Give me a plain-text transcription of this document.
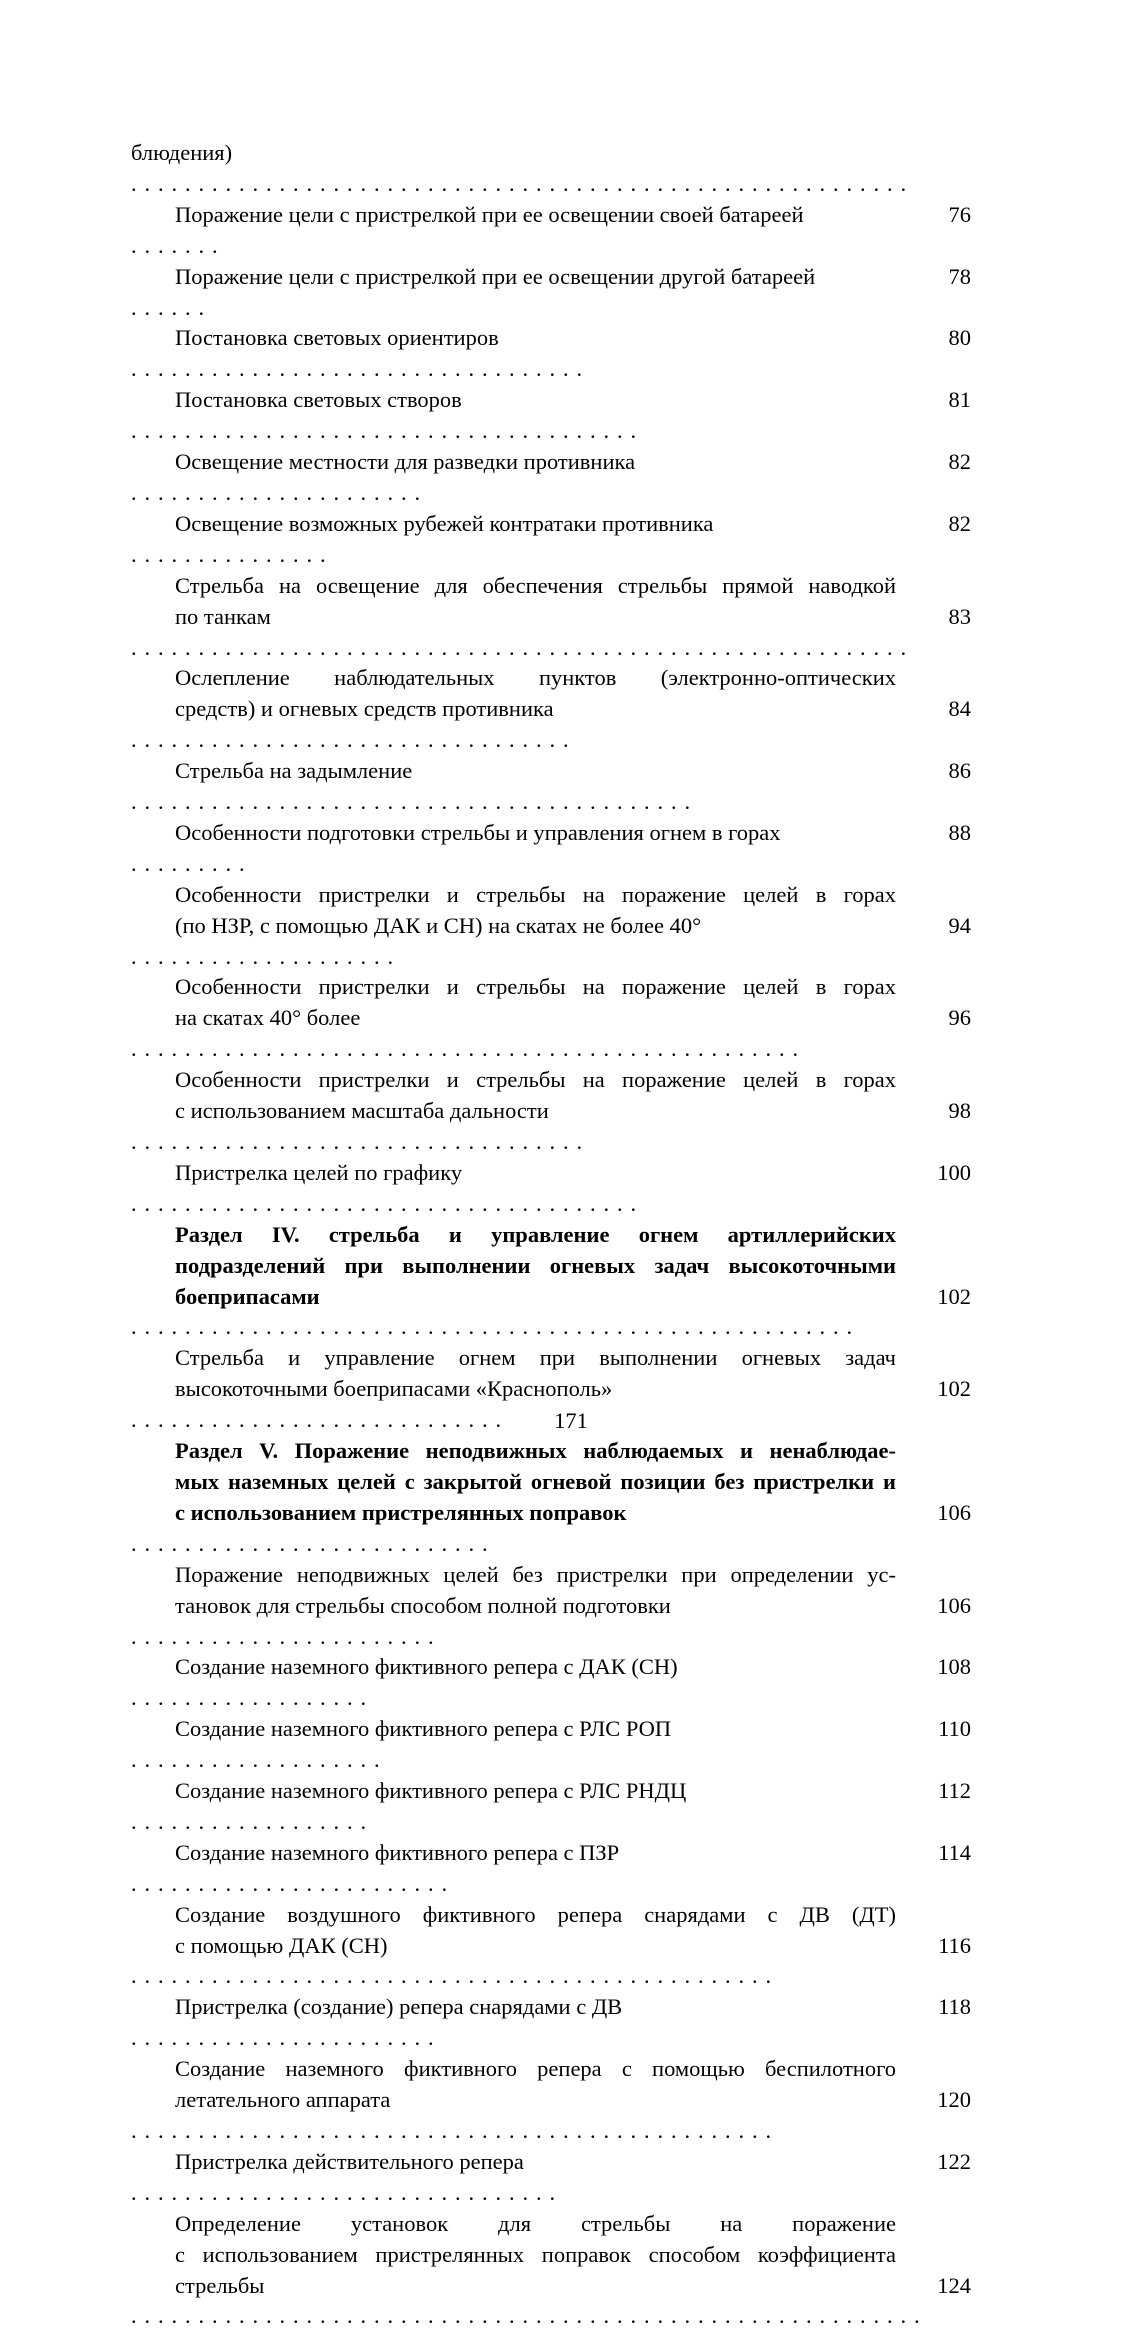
блюдения) . . . . . . . . . . . . . . . . . . . . . . . . . . . . . . . . . . . . . . . . . . . . . . . . . . . . . . . . . .
Поражение цели с пристрелкой при ее освещении своей батареей . . . . . . .
76
Поражение цели с пристрелкой при ее освещении другой батареей . . . . . .
78
Постановка световых ориентиров . . . . . . . . . . . . . . . . . . . . . . . . . . . . . . . . . .
80
Постановка световых створов . . . . . . . . . . . . . . . . . . . . . . . . . . . . . . . . . . . . . .
81
Освещение местности для разведки противника . . . . . . . . . . . . . . . . . . . . . .
82
Освещение возможных рубежей контратаки противника . . . . . . . . . . . . . . .
82
Стрельба на освещение для обеспечения стрельбы прямой наводкой
по танкам . . . . . . . . . . . . . . . . . . . . . . . . . . . . . . . . . . . . . . . . . . . . . . . . . . . . . . . . . .
83
Ослепление наблюдательных пунктов (электронно-оптических
средств) и огневых средств противника . . . . . . . . . . . . . . . . . . . . . . . . . . . . . . . . .
84
Стрельба на задымление . . . . . . . . . . . . . . . . . . . . . . . . . . . . . . . . . . . . . . . . . .
86
Особенности подготовки стрельбы и управления огнем в горах . . . . . . . . .
88
Особенности пристрелки и стрельбы на поражение целей в горах
(по НЗР, с помощью ДАК и СН) на скатах не более 40° . . . . . . . . . . . . . . . . . . . .
94
Особенности пристрелки и стрельбы на поражение целей в горах
на скатах 40° более . . . . . . . . . . . . . . . . . . . . . . . . . . . . . . . . . . . . . . . . . . . . . . . . . .
96
Особенности пристрелки и стрельбы на поражение целей в горах
с использованием масштаба дальности . . . . . . . . . . . . . . . . . . . . . . . . . . . . . . . . . .
98
Пристрелка целей по графику . . . . . . . . . . . . . . . . . . . . . . . . . . . . . . . . . . . . . .
100
Раздел IV. стрельба и управление огнем артиллерийских
подразделений при выполнении огневых задач высокоточными
боеприпасами . . . . . . . . . . . . . . . . . . . . . . . . . . . . . . . . . . . . . . . . . . . . . . . . . . . . . .
102
Стрельба и управление огнем при выполнении огневых задач
высокоточными боеприпасами «Краснополь» . . . . . . . . . . . . . . . . . . . . . . . . . . . .
102
Раздел V. Поражение неподвижных наблюдаемых и ненаблюдае-
мых наземных целей с закрытой огневой позиции без пристрелки и
с использованием пристрелянных поправок . . . . . . . . . . . . . . . . . . . . . . . . . . .
106
Поражение неподвижных целей без пристрелки при определении ус-
тановок для стрельбы способом полной подготовки . . . . . . . . . . . . . . . . . . . . . . .
106
Создание наземного фиктивного репера с ДАК (СН) . . . . . . . . . . . . . . . . . .
108
Создание наземного фиктивного репера с РЛС РОП . . . . . . . . . . . . . . . . . . .
110
Создание наземного фиктивного репера с РЛС РНДЦ . . . . . . . . . . . . . . . . . .
112
Создание наземного фиктивного репера с ПЗР . . . . . . . . . . . . . . . . . . . . . . . .
114
Создание воздушного фиктивного репера снарядами с ДВ (ДТ)
с помощью ДАК (СН) . . . . . . . . . . . . . . . . . . . . . . . . . . . . . . . . . . . . . . . . . . . . . . . .
116
Пристрелка (создание) репера снарядами с ДВ . . . . . . . . . . . . . . . . . . . . . . .
118
Создание наземного фиктивного репера с помощью беспилотного
летательного аппарата . . . . . . . . . . . . . . . . . . . . . . . . . . . . . . . . . . . . . . . . . . . . . . . .
120
Пристрелка действительного репера . . . . . . . . . . . . . . . . . . . . . . . . . . . . . . . .
122
Определение установок для стрельбы на поражение
с использованием пристрелянных поправок способом коэффициента
стрельбы . . . . . . . . . . . . . . . . . . . . . . . . . . . . . . . . . . . . . . . . . . . . . . . . . . . . . . . . . . .
124
171
